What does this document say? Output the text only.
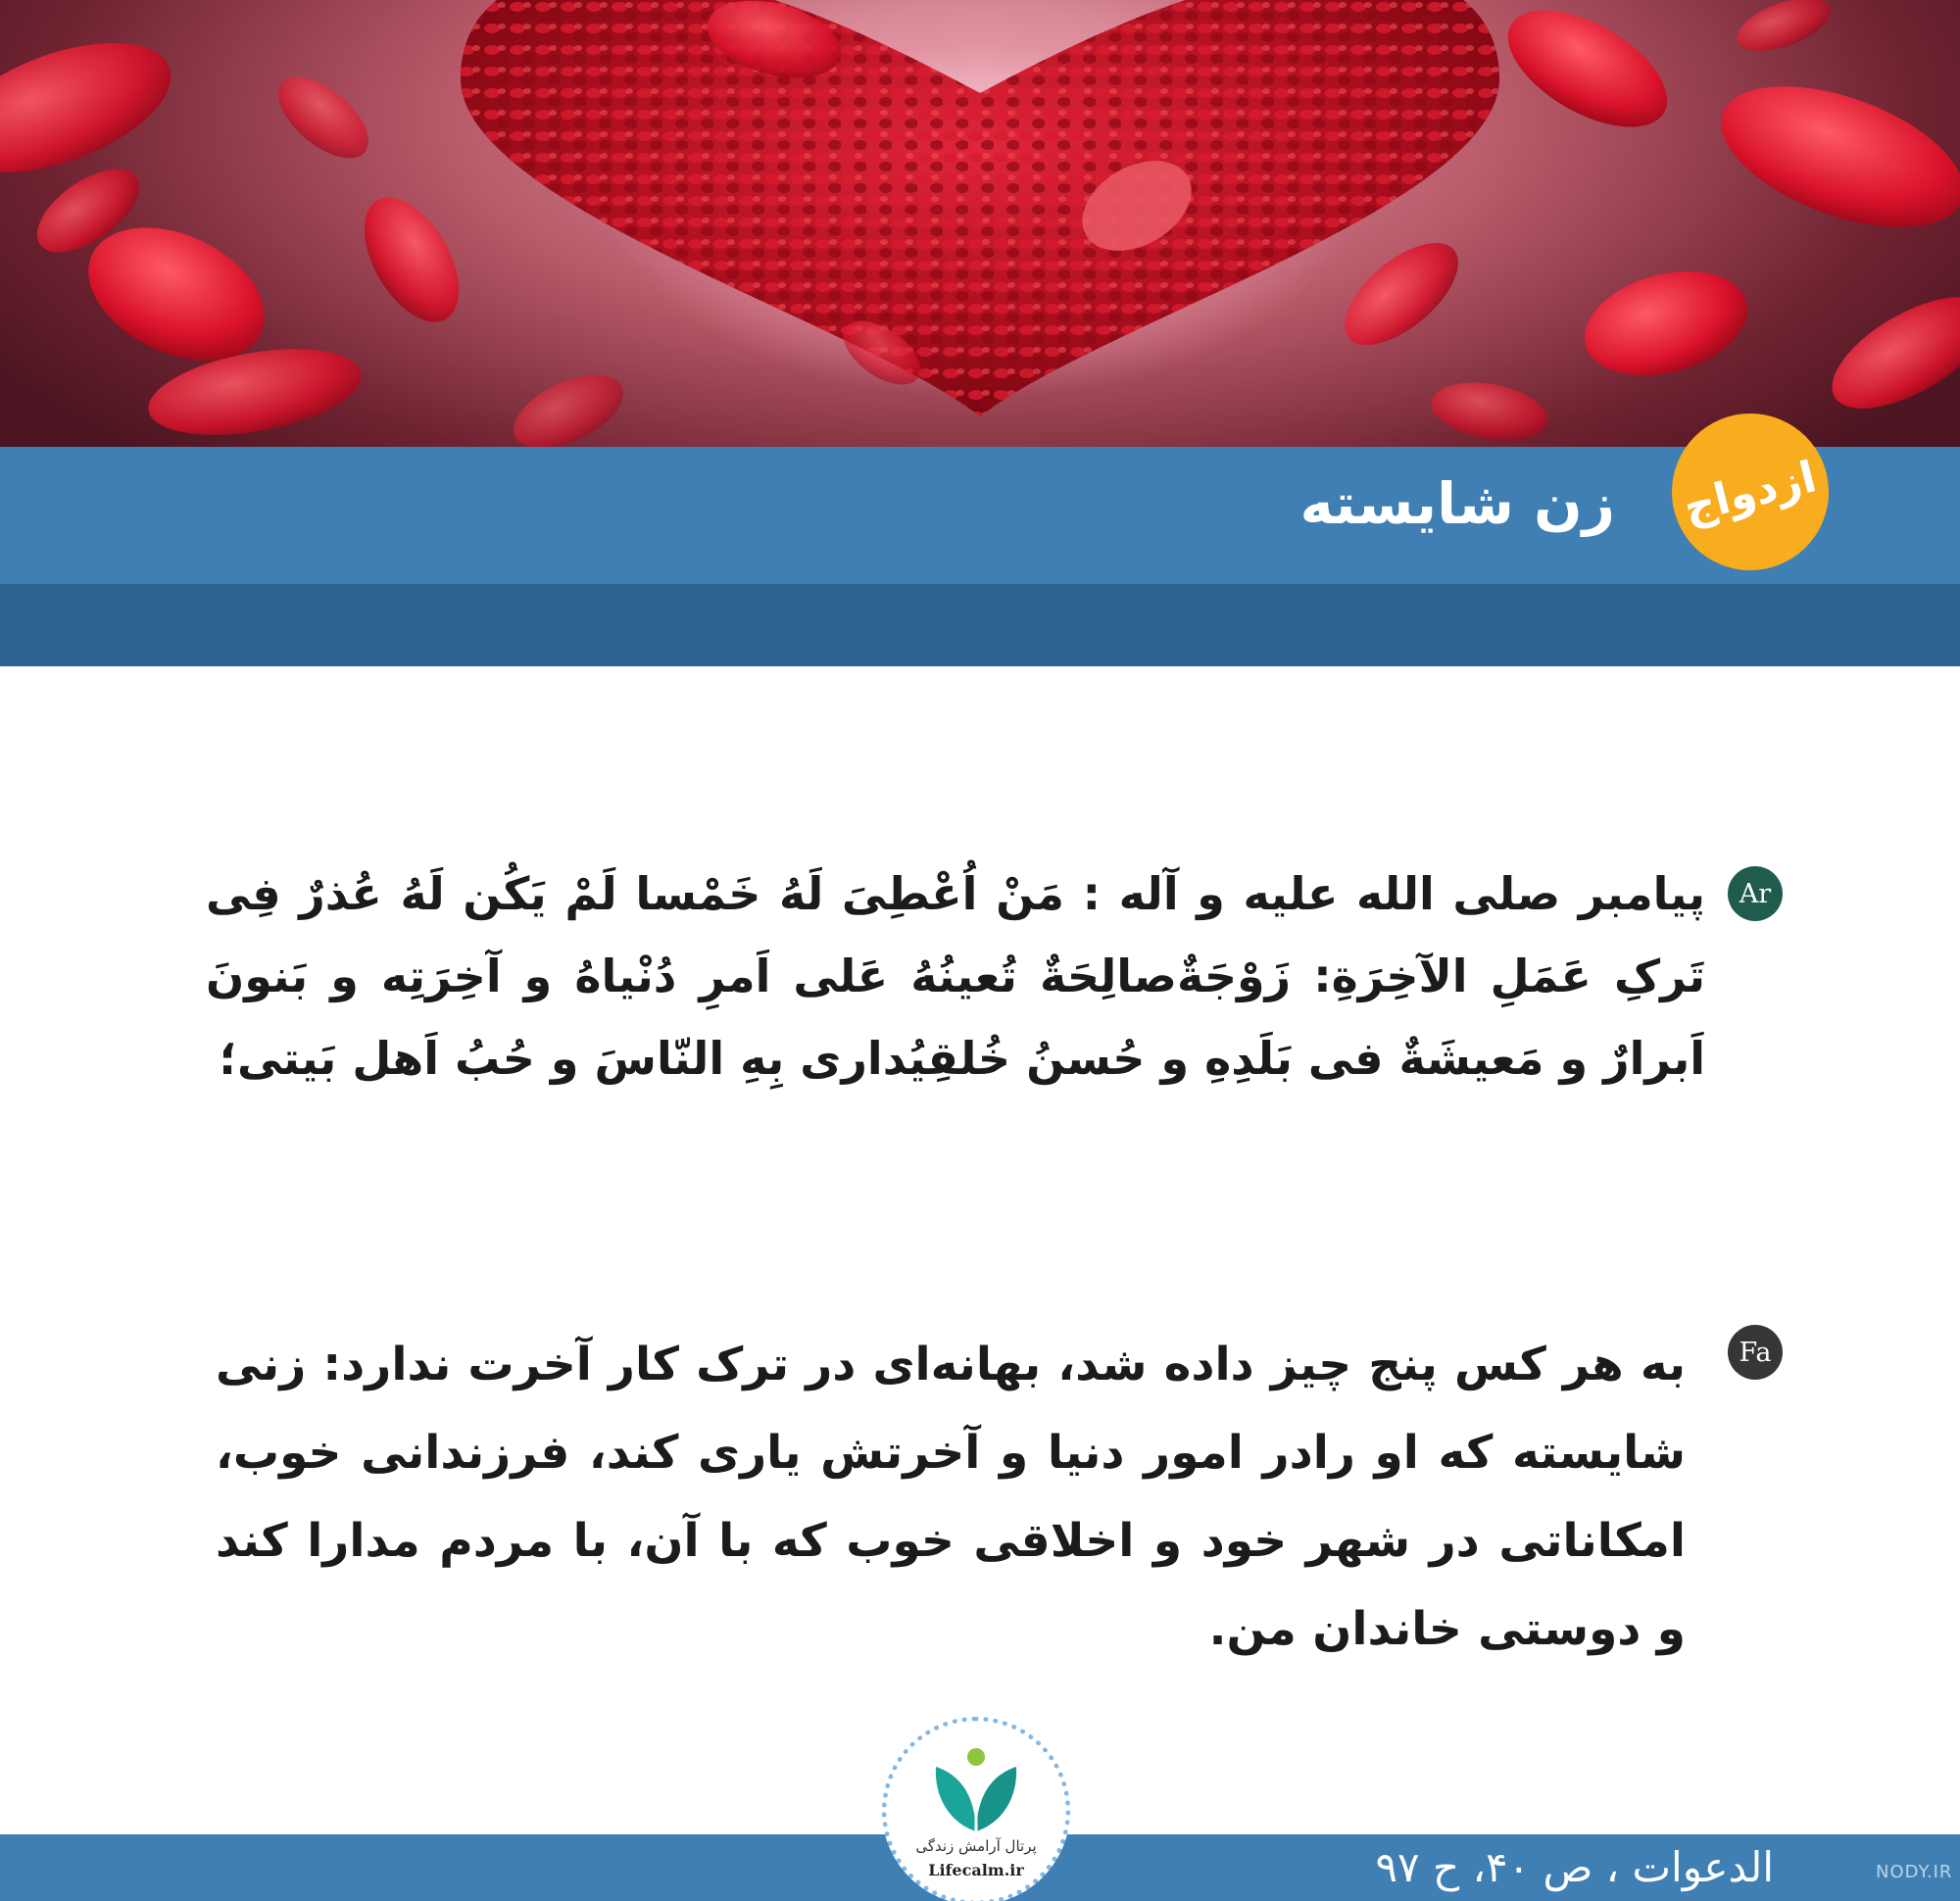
زن شایسته ازدواج
Ar

پیامبر صلی الله علیه و آله : مَنْ اُعْطِیَ لَهُ خَمْسا لَمْ یَکُن لَهُ عُذرٌ فِی تَرکِ عَمَلِ الآخِرَةِ: زَوْجَةٌصالِحَةٌ تُعینُهُ عَلی اَمرِ دُنْیاهُ و آخِرَتِه و بَنونَ اَبرارٌ و مَعیشَةٌ فی بَلَدِهِ و حُسنُ خُلقِیُداری بِهِ النّاسَ و حُبُ اَهل بَیتی؛

Fa

به هر کس پنج چیز داده شد، بهانه‌ای در ترک کار آخرت ندارد: زنی شایسته که او رادر امور دنیا و آخرتش یاری کند، فرزندانی خوب، امکاناتی در شهر خود و اخلاقی خوب که با آن، با مردم مدارا کند و دوستی خاندان من.

الدعوات ، ص ۴۰، ح ۹۷	NODY.IR
پرتال آرامش زندگی
Lifecalm.ir
